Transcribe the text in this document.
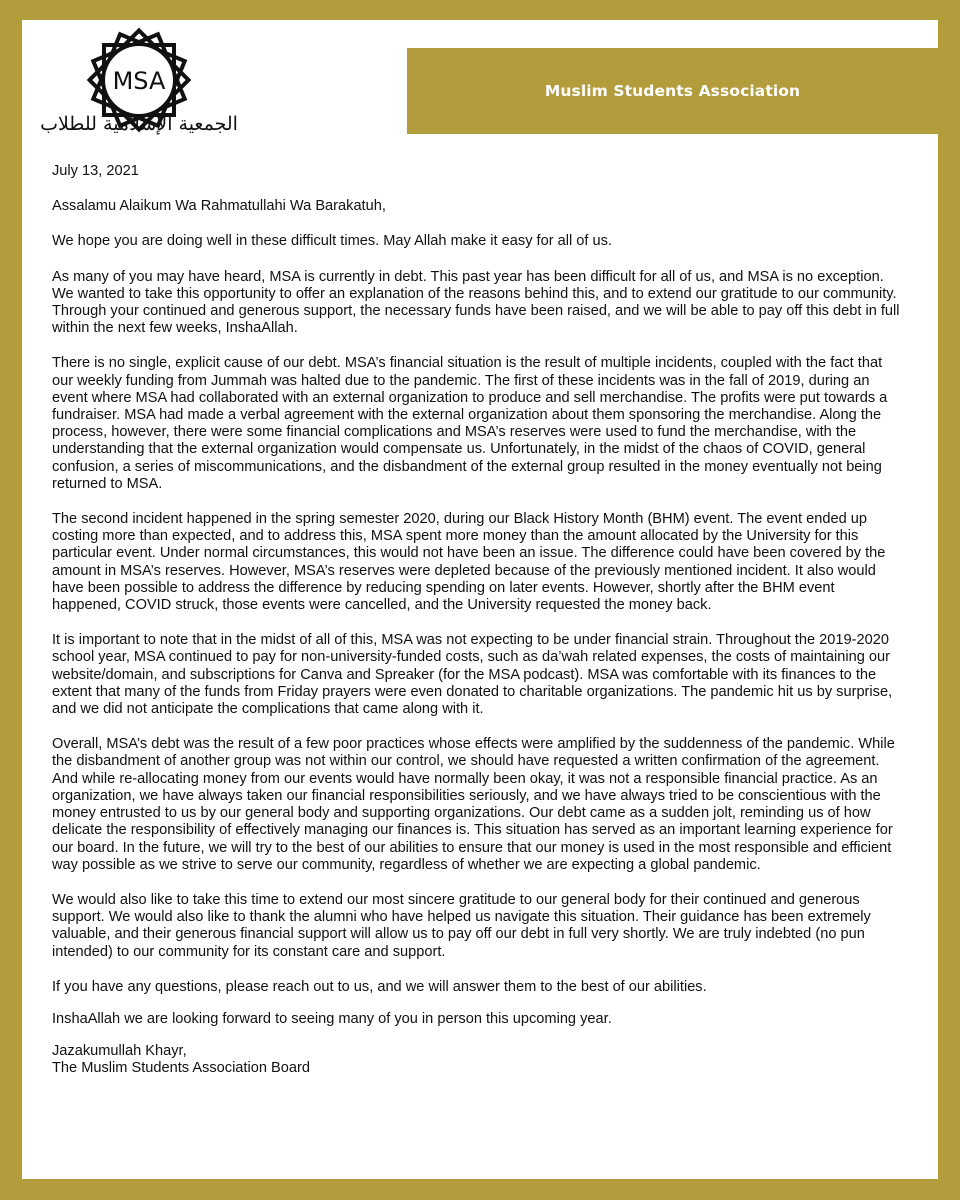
MSA
الجمعية الإسلامية للطلاب
Muslim Students Association

July 13, 2021

Assalamu Alaikum Wa Rahmatullahi Wa Barakatuh,

We hope you are doing well in these difficult times. May Allah make it easy for all of us.

As many of you may have heard, MSA is currently in debt. This past year has been difficult for all of us, and MSA is no exception. We wanted to take this opportunity to offer an explanation of the reasons behind this, and to extend our gratitude to our community. Through your continued and generous support, the necessary funds have been raised, and we will be able to pay off this debt in full within the next few weeks, InshaAllah.

There is no single, explicit cause of our debt. MSA’s financial situation is the result of multiple incidents, coupled with the fact that our weekly funding from Jummah was halted due to the pandemic. The first of these incidents was in the fall of 2019, during an event where MSA had collaborated with an external organization to produce and sell merchandise. The profits were put towards a fundraiser. MSA had made a verbal agreement with the external organization about them sponsoring the merchandise. Along the process, however, there were some financial complications and MSA’s reserves were used to fund the merchandise, with the understanding that the external organization would compensate us. Unfortunately, in the midst of the chaos of COVID, general confusion, a series of miscommunications, and the disbandment of the external group resulted in the money eventually not being returned to MSA.

The second incident happened in the spring semester 2020, during our Black History Month (BHM) event. The event ended up costing more than expected, and to address this, MSA spent more money than the amount allocated by the University for this particular event. Under normal circumstances, this would not have been an issue. The difference could have been covered by the amount in MSA’s reserves. However, MSA’s reserves were depleted because of the previously mentioned incident. It also would have been possible to address the difference by reducing spending on later events. However, shortly after the BHM event happened, COVID struck, those events were cancelled, and the University requested the money back.

It is important to note that in the midst of all of this, MSA was not expecting to be under financial strain. Throughout the 2019-2020 school year, MSA continued to pay for non-university-funded costs, such as da’wah related expenses, the costs of maintaining our website/domain, and subscriptions for Canva and Spreaker (for the MSA podcast). MSA was comfortable with its finances to the extent that many of the funds from Friday prayers were even donated to charitable organizations. The pandemic hit us by surprise, and we did not anticipate the complications that came along with it.

Overall, MSA’s debt was the result of a few poor practices whose effects were amplified by the suddenness of the pandemic. While the disbandment of another group was not within our control, we should have requested a written confirmation of the agreement. And while re-allocating money from our events would have normally been okay, it was not a responsible financial practice. As an organization, we have always taken our financial responsibilities seriously, and we have always tried to be conscientious with the money entrusted to us by our general body and supporting organizations. Our debt came as a sudden jolt, reminding us of how delicate the responsibility of effectively managing our finances is. This situation has served as an important learning experience for our board. In the future, we will try to the best of our abilities to ensure that our money is used in the most responsible and efficient way possible as we strive to serve our community, regardless of whether we are expecting a global pandemic.

We would also like to take this time to extend our most sincere gratitude to our general body for their continued and generous support. We would also like to thank the alumni who have helped us navigate this situation. Their guidance has been extremely valuable, and their generous financial support will allow us to pay off our debt in full very shortly. We are truly indebted (no pun intended) to our community for its constant care and support.

If you have any questions, please reach out to us, and we will answer them to the best of our abilities.

InshaAllah we are looking forward to seeing many of you in person this upcoming year.

Jazakumullah Khayr,
The Muslim Students Association Board
